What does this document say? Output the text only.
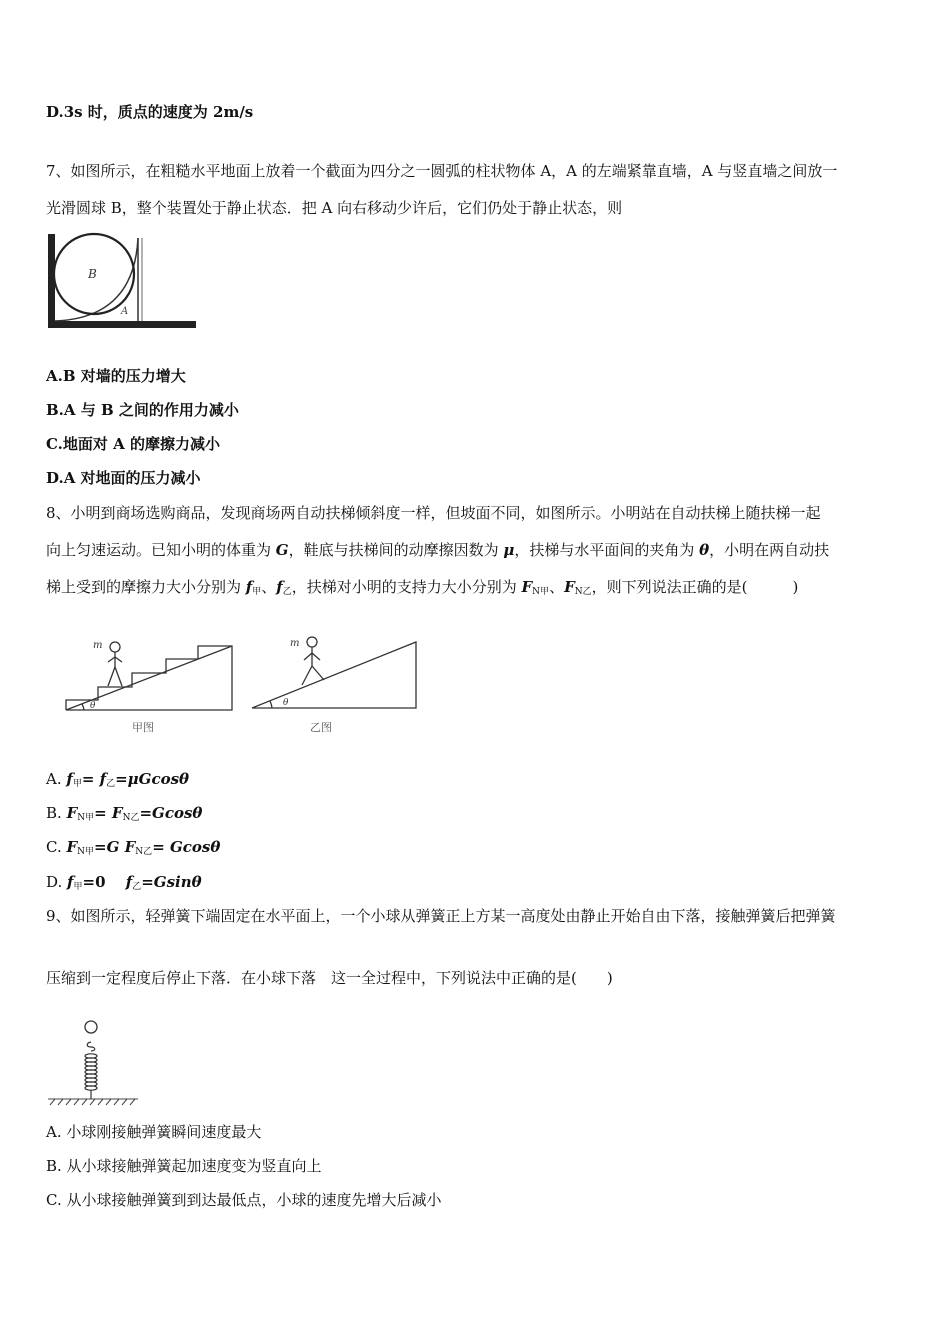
D.3s 时，质点的速度为 2m/s
7、如图所示，在粗糙水平地面上放着一个截面为四分之一圆弧的柱状物体 A，A 的左端紧靠直墙，A 与竖直墙之间放一
光滑圆球 B，整个装置处于静止状态．把 A 向右移动少许后，它们仍处于静止状态，则
B
A
A.B 对墙的压力增大
B.A 与 B 之间的作用力减小
C.地面对 A 的摩擦力减小
D.A 对地面的压力减小
8、小明到商场选购商品，发现商场两自动扶梯倾斜度一样，但坡面不同，如图所示。小明站在自动扶梯上随扶梯一起
向上匀速运动。已知小明的体重为 G，鞋底与扶梯间的动摩擦因数为 μ，扶梯与水平面间的夹角为 θ，小明在两自动扶
梯上受到的摩擦力大小分别为 $f_甲$、$f_乙$，扶梯对小明的支持力大小分别为 $F_{N甲}$、$F_{N乙}$，则下列说法正确的是(　　　)
m
θ
甲图
m
θ
乙图
A. $f_甲= f_乙=\mu Gcos\theta$
B. $F_{N甲}= F_{N乙}=Gcos\theta$
C. $F_{N甲}=G$ $F_{N乙}= Gcos\theta$
D. $f_甲=0$　 $f_乙=Gsin\theta$
9、如图所示，轻弹簧下端固定在水平面上，一个小球从弹簧正上方某一高度处由静止开始自由下落，接触弹簧后把弹簧
压缩到一定程度后停止下落．在小球下落　这一全过程中，下列说法中正确的是(　　)
A. 小球刚接触弹簧瞬间速度最大
B. 从小球接触弹簧起加速度变为竖直向上
C. 从小球接触弹簧到到达最低点，小球的速度先增大后减小
